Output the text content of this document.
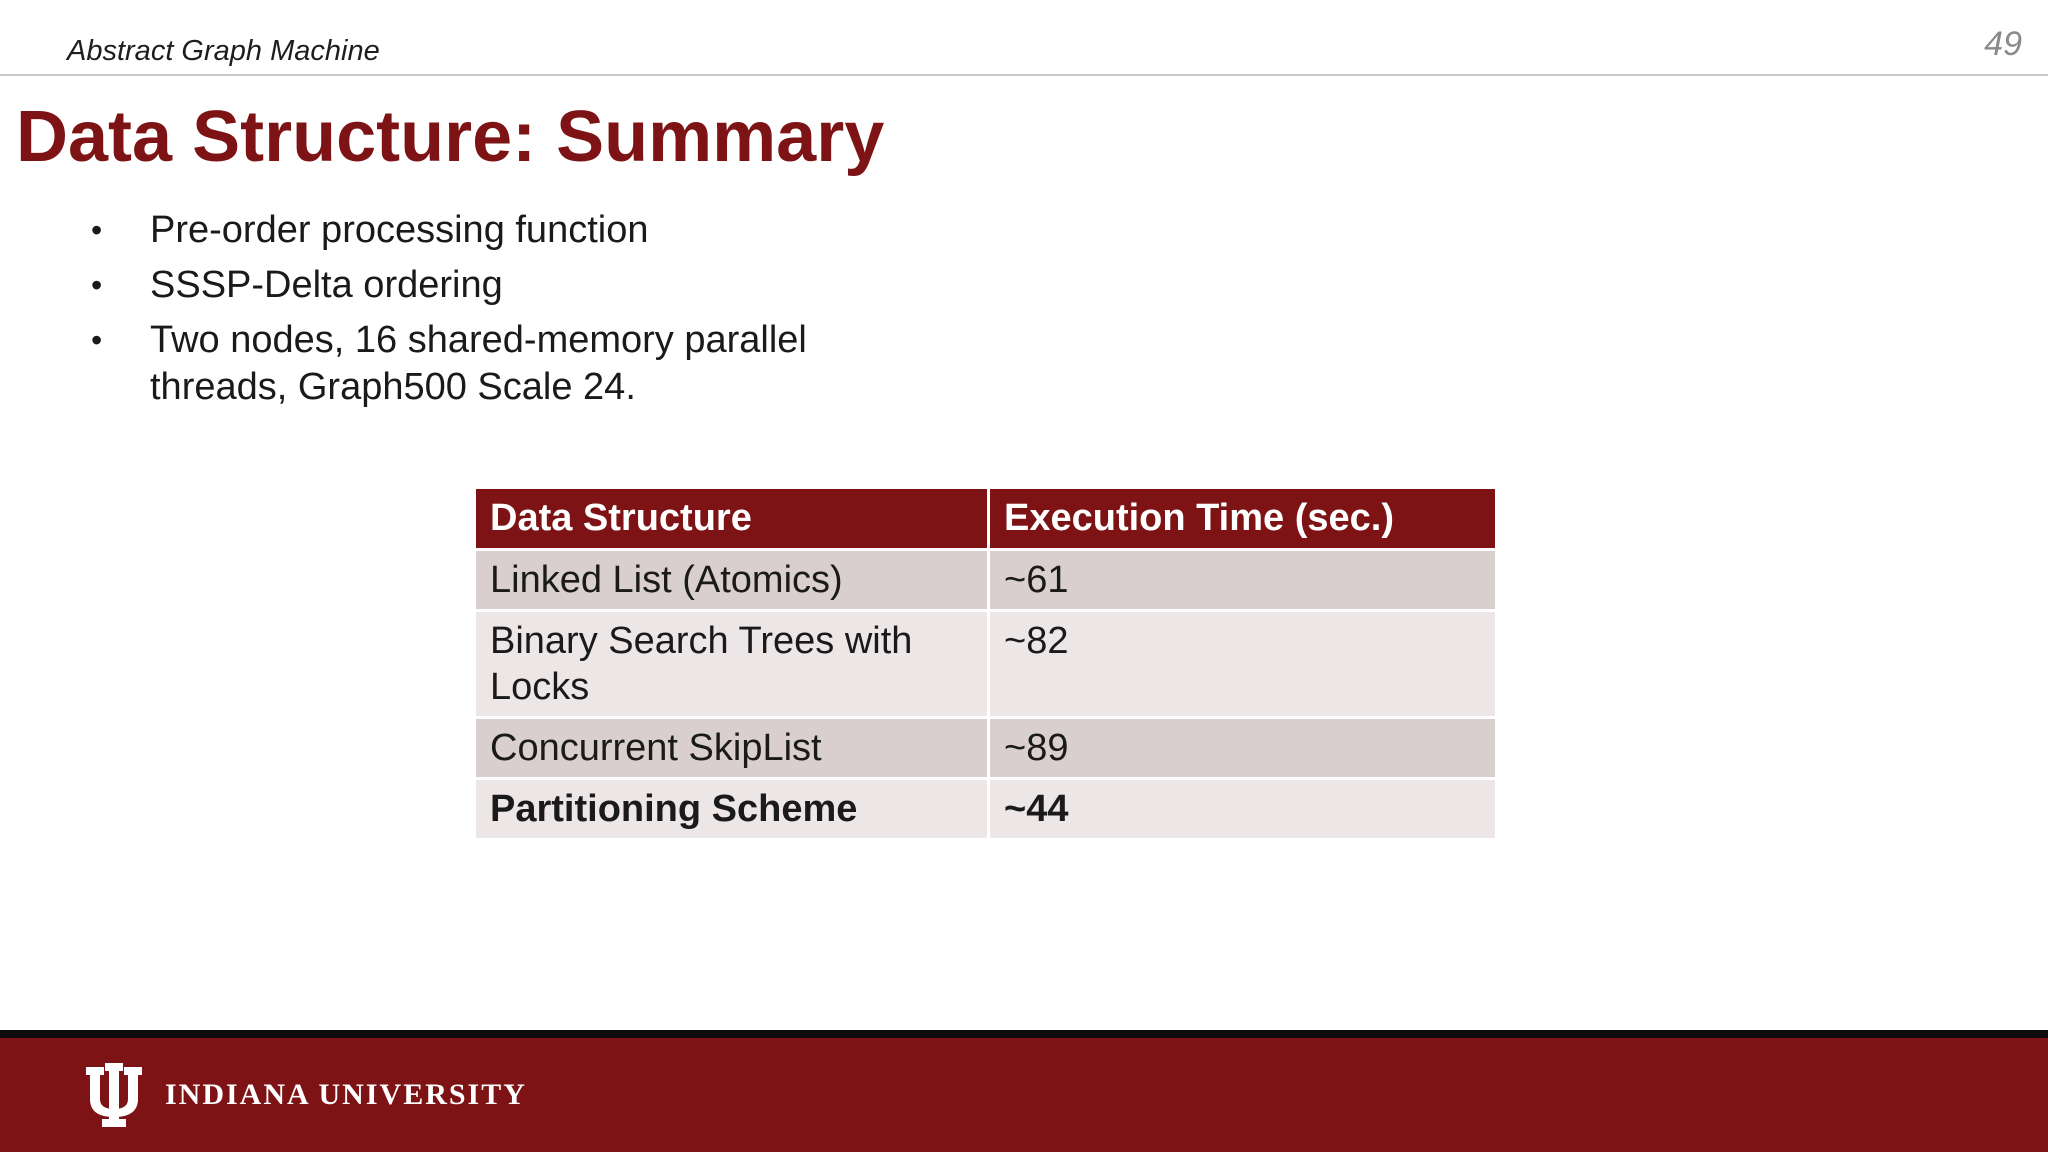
Abstract Graph Machine	49
Data Structure: Summary
• Pre-order processing function
• SSSP-Delta ordering
• Two nodes, 16 shared-memory parallel threads, Graph500 Scale 24.
Data Structure	Execution Time (sec.)
Linked List (Atomics)	~61
Binary Search Trees with Locks	~82
Concurrent SkipList	~89
Partitioning Scheme	~44
INDIANA UNIVERSITY
